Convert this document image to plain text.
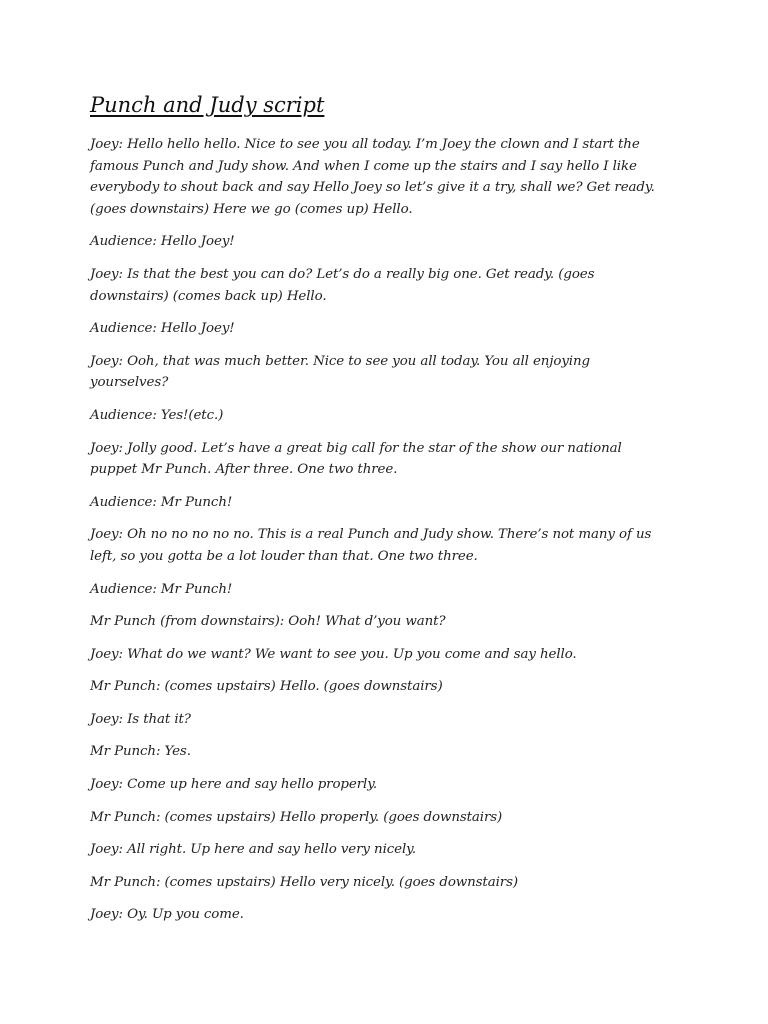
Punch and Judy script

Joey: Hello hello hello. Nice to see you all today. I’m Joey the clown and I start the famous Punch and Judy show. And when I come up the stairs and I say hello I like everybody to shout back and say Hello Joey so let’s give it a try, shall we? Get ready. (goes downstairs) Here we go (comes up) Hello.

Audience: Hello Joey!

Joey: Is that the best you can do? Let’s do a really big one. Get ready. (goes downstairs) (comes back up) Hello.

Audience: Hello Joey!

Joey: Ooh, that was much better. Nice to see you all today. You all enjoying yourselves?

Audience: Yes!(etc.)

Joey: Jolly good. Let’s have a great big call for the star of the show our national puppet Mr Punch. After three. One two three.

Audience: Mr Punch!

Joey: Oh no no no no no. This is a real Punch and Judy show. There’s not many of us left, so you gotta be a lot louder than that. One two three.

Audience: Mr Punch!

Mr Punch (from downstairs): Ooh! What d’you want?

Joey: What do we want? We want to see you. Up you come and say hello.

Mr Punch: (comes upstairs) Hello. (goes downstairs)

Joey: Is that it?

Mr Punch: Yes.

Joey: Come up here and say hello properly.

Mr Punch: (comes upstairs) Hello properly. (goes downstairs)

Joey: All right. Up here and say hello very nicely.

Mr Punch: (comes upstairs) Hello very nicely. (goes downstairs)

Joey: Oy. Up you come.
